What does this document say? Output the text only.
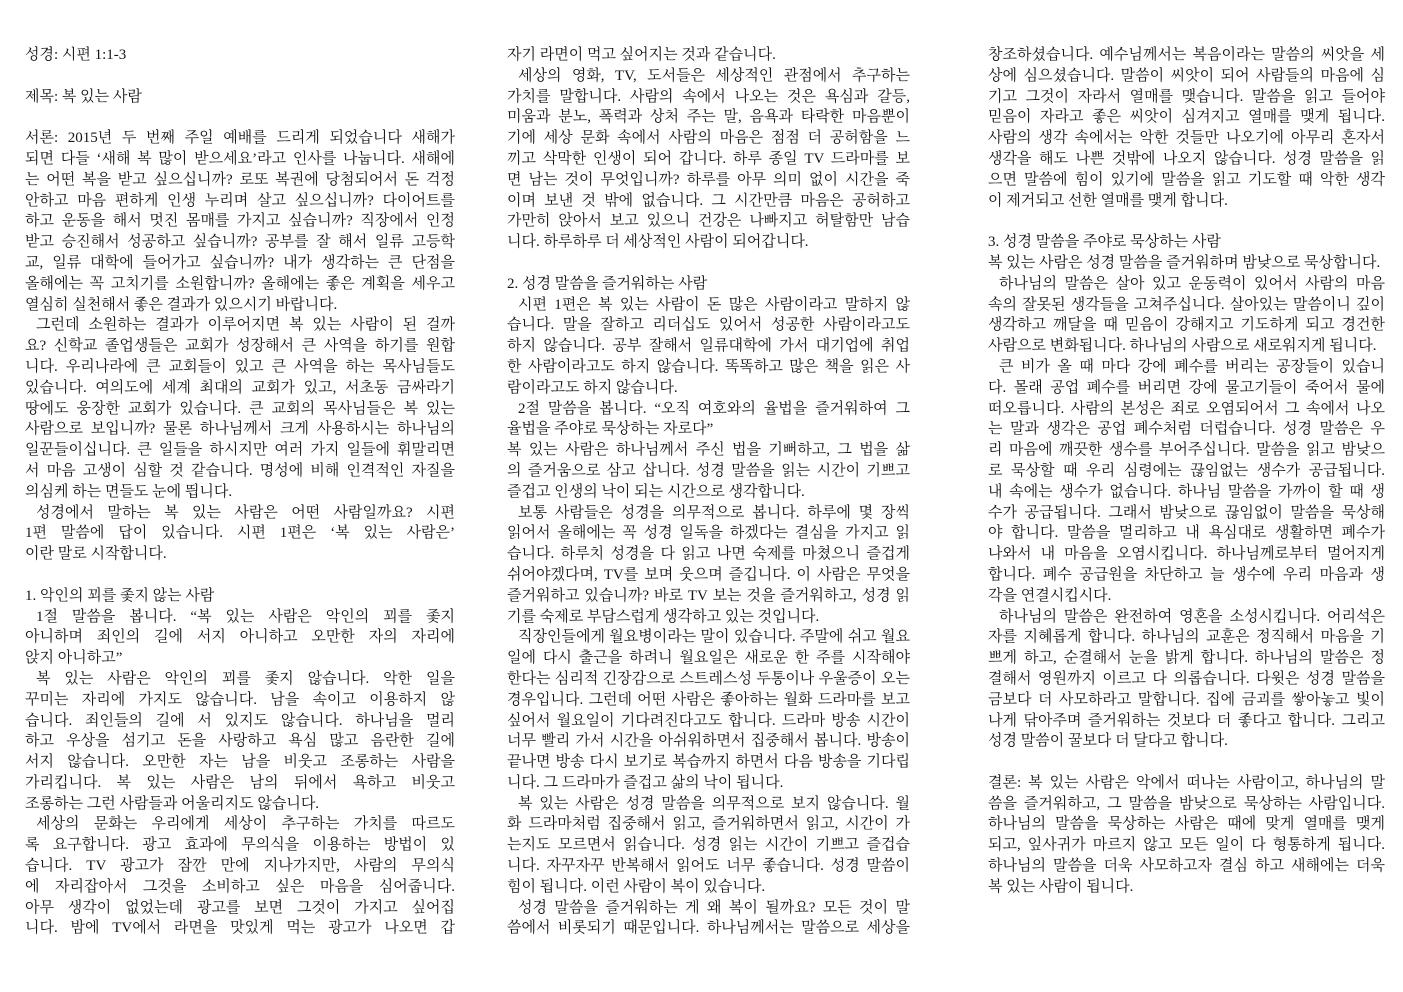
성경: 시편 1:1-3
제목: 복 있는 사람
서론: 2015년 두 번째 주일 예배를 드리게 되었습니다 새해가
되면 다들 ‘새해 복 많이 받으세요’라고 인사를 나눕니다. 새해에
는 어떤 복을 받고 싶으십니까? 로또 복권에 당첨되어서 돈 걱정
안하고 마음 편하게 인생 누리며 살고 싶으십니까? 다이어트를
하고 운동을 해서 멋진 몸매를 가지고 싶습니까? 직장에서 인정
받고 승진해서 성공하고 싶습니까? 공부를 잘 해서 일류 고등학
교, 일류 대학에 들어가고 싶습니까? 내가 생각하는 큰 단점을
올해에는 꼭 고치기를 소원합니까? 올해에는 좋은 계획을 세우고
열심히 실천해서 좋은 결과가 있으시기 바랍니다.
그런데 소원하는 결과가 이루어지면 복 있는 사람이 된 걸까
요? 신학교 졸업생들은 교회가 성장해서 큰 사역을 하기를 원합
니다. 우리나라에 큰 교회들이 있고 큰 사역을 하는 목사님들도
있습니다. 여의도에 세계 최대의 교회가 있고, 서초동 금싸라기
땅에도 웅장한 교회가 있습니다. 큰 교회의 목사님들은 복 있는
사람으로 보입니까? 물론 하나님께서 크게 사용하시는 하나님의
일꾼들이십니다. 큰 일들을 하시지만 여러 가지 일들에 휘말리면
서 마음 고생이 심할 것 같습니다. 명성에 비해 인격적인 자질을
의심케 하는 면들도 눈에 띕니다.
성경에서 말하는 복 있는 사람은 어떤 사람일까요? 시편
1편 말씀에 답이 있습니다. 시편 1편은 ‘복 있는 사람은’
이란 말로 시작합니다.
1. 악인의 꾀를 좇지 않는 사람
1절 말씀을 봅니다. “복 있는 사람은 악인의 꾀를 좇지
아니하며 죄인의 길에 서지 아니하고 오만한 자의 자리에
앉지 아니하고”
복 있는 사람은 악인의 꾀를 좇지 않습니다. 악한 일을
꾸미는 자리에 가지도 않습니다. 남을 속이고 이용하지 않
습니다. 죄인들의 길에 서 있지도 않습니다. 하나님을 멀리
하고 우상을 섬기고 돈을 사랑하고 욕심 많고 음란한 길에
서지 않습니다. 오만한 자는 남을 비웃고 조롱하는 사람을
가리킵니다. 복 있는 사람은 남의 뒤에서 욕하고 비웃고
조롱하는 그런 사람들과 어울리지도 않습니다.
세상의 문화는 우리에게 세상이 추구하는 가치를 따르도
록 요구합니다. 광고 효과에 무의식을 이용하는 방법이 있
습니다. TV 광고가 잠깐 만에 지나가지만, 사람의 무의식
에 자리잡아서 그것을 소비하고 싶은 마음을 심어줍니다.
아무 생각이 없었는데 광고를 보면 그것이 가지고 싶어집
니다. 밤에 TV에서 라면을 맛있게 먹는 광고가 나오면 갑
자기 라면이 먹고 싶어지는 것과 같습니다.
세상의 영화, TV, 도서들은 세상적인 관점에서 추구하는
가치를 말합니다. 사람의 속에서 나오는 것은 욕심과 갈등,
미움과 분노, 폭력과 상처 주는 말, 음욕과 타락한 마음뿐이
기에 세상 문화 속에서 사람의 마음은 점점 더 공허함을 느
끼고 삭막한 인생이 되어 갑니다. 하루 종일 TV 드라마를 보
면 남는 것이 무엇입니까? 하루를 아무 의미 없이 시간을 죽
이며 보낸 것 밖에 없습니다. 그 시간만큼 마음은 공허하고
가만히 앉아서 보고 있으니 건강은 나빠지고 허탈함만 남습
니다. 하루하루 더 세상적인 사람이 되어갑니다.
2. 성경 말씀을 즐거워하는 사람
시편 1편은 복 있는 사람이 돈 많은 사람이라고 말하지 않
습니다. 말을 잘하고 리더십도 있어서 성공한 사람이라고도
하지 않습니다. 공부 잘해서 일류대학에 가서 대기업에 취업
한 사람이라고도 하지 않습니다. 똑똑하고 많은 책을 읽은 사
람이라고도 하지 않습니다.
2절 말씀을 봅니다. “오직 여호와의 율법을 즐거워하여 그
율법을 주야로 묵상하는 자로다”
복 있는 사람은 하나님께서 주신 법을 기뻐하고, 그 법을 삶
의 즐거움으로 삼고 삽니다. 성경 말씀을 읽는 시간이 기쁘고
즐겁고 인생의 낙이 되는 시간으로 생각합니다.
보통 사람들은 성경을 의무적으로 봅니다. 하루에 몇 장씩
읽어서 올해에는 꼭 성경 일독을 하겠다는 결심을 가지고 읽
습니다. 하루치 성경을 다 읽고 나면 숙제를 마쳤으니 즐겁게
쉬어야겠다며, TV를 보며 웃으며 즐깁니다. 이 사람은 무엇을
즐거워하고 있습니까? 바로 TV 보는 것을 즐거워하고, 성경 읽
기를 숙제로 부담스럽게 생각하고 있는 것입니다.
직장인들에게 월요병이라는 말이 있습니다. 주말에 쉬고 월요
일에 다시 출근을 하려니 월요일은 새로운 한 주를 시작해야
한다는 심리적 긴장감으로 스트레스성 두통이나 우울증이 오는
경우입니다. 그런데 어떤 사람은 좋아하는 월화 드라마를 보고
싶어서 월요일이 기다려진다고도 합니다. 드라마 방송 시간이
너무 빨리 가서 시간을 아쉬워하면서 집중해서 봅니다. 방송이
끝나면 방송 다시 보기로 복습까지 하면서 다음 방송을 기다립
니다. 그 드라마가 즐겁고 삶의 낙이 됩니다.
복 있는 사람은 성경 말씀을 의무적으로 보지 않습니다. 월
화 드라마처럼 집중해서 읽고, 즐거워하면서 읽고, 시간이 가
는지도 모르면서 읽습니다. 성경 읽는 시간이 기쁘고 즐겁습
니다. 자꾸자꾸 반복해서 읽어도 너무 좋습니다. 성경 말씀이
힘이 됩니다. 이런 사람이 복이 있습니다.
성경 말씀을 즐거워하는 게 왜 복이 될까요? 모든 것이 말
씀에서 비롯되기 때문입니다. 하나님께서는 말씀으로 세상을
창조하셨습니다. 예수님께서는 복음이라는 말씀의 씨앗을 세
상에 심으셨습니다. 말씀이 씨앗이 되어 사람들의 마음에 심
기고 그것이 자라서 열매를 맺습니다. 말씀을 읽고 들어야
믿음이 자라고 좋은 씨앗이 심겨지고 열매를 맺게 됩니다.
사람의 생각 속에서는 악한 것들만 나오기에 아무리 혼자서
생각을 해도 나쁜 것밖에 나오지 않습니다. 성경 말씀을 읽
으면 말씀에 힘이 있기에 말씀을 읽고 기도할 때 악한 생각
이 제거되고 선한 열매를 맺게 합니다.
3. 성경 말씀을 주야로 묵상하는 사람
복 있는 사람은 성경 말씀을 즐거워하며 밤낮으로 묵상합니다.
하나님의 말씀은 살아 있고 운동력이 있어서 사람의 마음
속의 잘못된 생각들을 고쳐주십니다. 살아있는 말씀이니 깊이
생각하고 깨달을 때 믿음이 강해지고 기도하게 되고 경건한
사람으로 변화됩니다. 하나님의 사람으로 새로워지게 됩니다.
큰 비가 올 때 마다 강에 폐수를 버리는 공장들이 있습니
다. 몰래 공업 폐수를 버리면 강에 물고기들이 죽어서 물에
떠오릅니다. 사람의 본성은 죄로 오염되어서 그 속에서 나오
는 말과 생각은 공업 폐수처럼 더럽습니다. 성경 말씀은 우
리 마음에 깨끗한 생수를 부어주십니다. 말씀을 읽고 밤낮으
로 묵상할 때 우리 심령에는 끊임없는 생수가 공급됩니다.
내 속에는 생수가 없습니다. 하나님 말씀을 가까이 할 때 생
수가 공급됩니다. 그래서 밤낮으로 끊임없이 말씀을 묵상해
야 합니다. 말씀을 멀리하고 내 욕심대로 생활하면 폐수가
나와서 내 마음을 오염시킵니다. 하나님께로부터 멀어지게
합니다. 폐수 공급원을 차단하고 늘 생수에 우리 마음과 생
각을 연결시킵시다.
하나님의 말씀은 완전하여 영혼을 소성시킵니다. 어리석은
자를 지혜롭게 합니다. 하나님의 교훈은 정직해서 마음을 기
쁘게 하고, 순결해서 눈을 밝게 합니다. 하나님의 말씀은 정
결해서 영원까지 이르고 다 의롭습니다. 다윗은 성경 말씀을
금보다 더 사모하라고 말합니다. 집에 금괴를 쌓아놓고 빛이
나게 닦아주며 즐거워하는 것보다 더 좋다고 합니다. 그리고
성경 말씀이 꿀보다 더 달다고 합니다.
결론: 복 있는 사람은 악에서 떠나는 사람이고, 하나님의 말
씀을 즐거워하고, 그 말씀을 밤낮으로 묵상하는 사람입니다.
하나님의 말씀을 묵상하는 사람은 때에 맞게 열매를 맺게
되고, 잎사귀가 마르지 않고 모든 일이 다 형통하게 됩니다.
하나님의 말씀을 더욱 사모하고자 결심 하고 새해에는 더욱
복 있는 사람이 됩니다.
